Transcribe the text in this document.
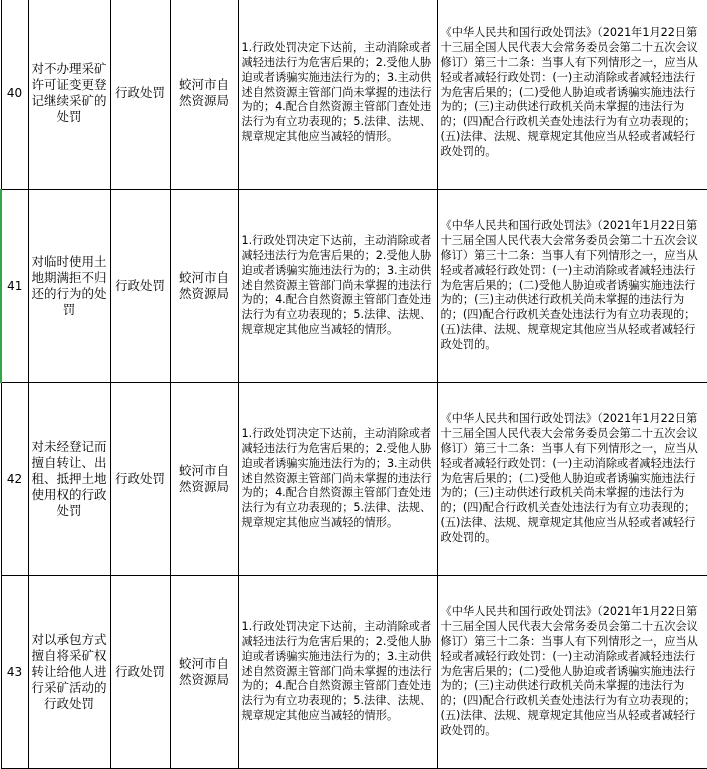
40	对不办理采矿许可证变更登记继续采矿的处罚	行政处罚	蛟河市自然资源局	1.行政处罚决定下达前，主动消除或者减轻违法行为危害后果的；2.受他人胁迫或者诱骗实施违法行为的；3.主动供述自然资源主管部门尚未掌握的违法行为的；4.配合自然资源主管部门查处违法行为有立功表现的；5.法律、法规、规章规定其他应当减轻的情形。	《中华人民共和国行政处罚法》（2021年1月22日第十三届全国人民代表大会常务委员会第二十五次会议修订）第三十二条：当事人有下列情形之一，应当从轻或者减轻行政处罚：(一)主动消除或者减轻违法行为危害后果的；(二)受他人胁迫或者诱骗实施违法行为的；(三)主动供述行政机关尚未掌握的违法行为的；(四)配合行政机关查处违法行为有立功表现的；(五)法律、法规、规章规定其他应当从轻或者减轻行政处罚的。
41	对临时使用土地期满拒不归还的行为的处罚	行政处罚	蛟河市自然资源局	1.行政处罚决定下达前，主动消除或者减轻违法行为危害后果的；2.受他人胁迫或者诱骗实施违法行为的；3.主动供述自然资源主管部门尚未掌握的违法行为的；4.配合自然资源主管部门查处违法行为有立功表现的；5.法律、法规、规章规定其他应当减轻的情形。	《中华人民共和国行政处罚法》（2021年1月22日第十三届全国人民代表大会常务委员会第二十五次会议修订）第三十二条：当事人有下列情形之一，应当从轻或者减轻行政处罚：(一)主动消除或者减轻违法行为危害后果的；(二)受他人胁迫或者诱骗实施违法行为的；(三)主动供述行政机关尚未掌握的违法行为的；(四)配合行政机关查处违法行为有立功表现的；(五)法律、法规、规章规定其他应当从轻或者减轻行政处罚的。
42	对未经登记而擅自转让、出租、抵押土地使用权的行政处罚	行政处罚	蛟河市自然资源局	1.行政处罚决定下达前，主动消除或者减轻违法行为危害后果的；2.受他人胁迫或者诱骗实施违法行为的；3.主动供述自然资源主管部门尚未掌握的违法行为的；4.配合自然资源主管部门查处违法行为有立功表现的；5.法律、法规、规章规定其他应当减轻的情形。	《中华人民共和国行政处罚法》（2021年1月22日第十三届全国人民代表大会常务委员会第二十五次会议修订）第三十二条：当事人有下列情形之一，应当从轻或者减轻行政处罚：(一)主动消除或者减轻违法行为危害后果的；(二)受他人胁迫或者诱骗实施违法行为的；(三)主动供述行政机关尚未掌握的违法行为的；(四)配合行政机关查处违法行为有立功表现的；(五)法律、法规、规章规定其他应当从轻或者减轻行政处罚的。
43	对以承包方式擅自将采矿权转让给他人进行采矿活动的行政处罚	行政处罚	蛟河市自然资源局	1.行政处罚决定下达前，主动消除或者减轻违法行为危害后果的；2.受他人胁迫或者诱骗实施违法行为的；3.主动供述自然资源主管部门尚未掌握的违法行为的；4.配合自然资源主管部门查处违法行为有立功表现的；5.法律、法规、规章规定其他应当减轻的情形。	《中华人民共和国行政处罚法》（2021年1月22日第十三届全国人民代表大会常务委员会第二十五次会议修订）第三十二条：当事人有下列情形之一，应当从轻或者减轻行政处罚：(一)主动消除或者减轻违法行为危害后果的；(二)受他人胁迫或者诱骗实施违法行为的；(三)主动供述行政机关尚未掌握的违法行为的；(四)配合行政机关查处违法行为有立功表现的；(五)法律、法规、规章规定其他应当从轻或者减轻行政处罚的。
